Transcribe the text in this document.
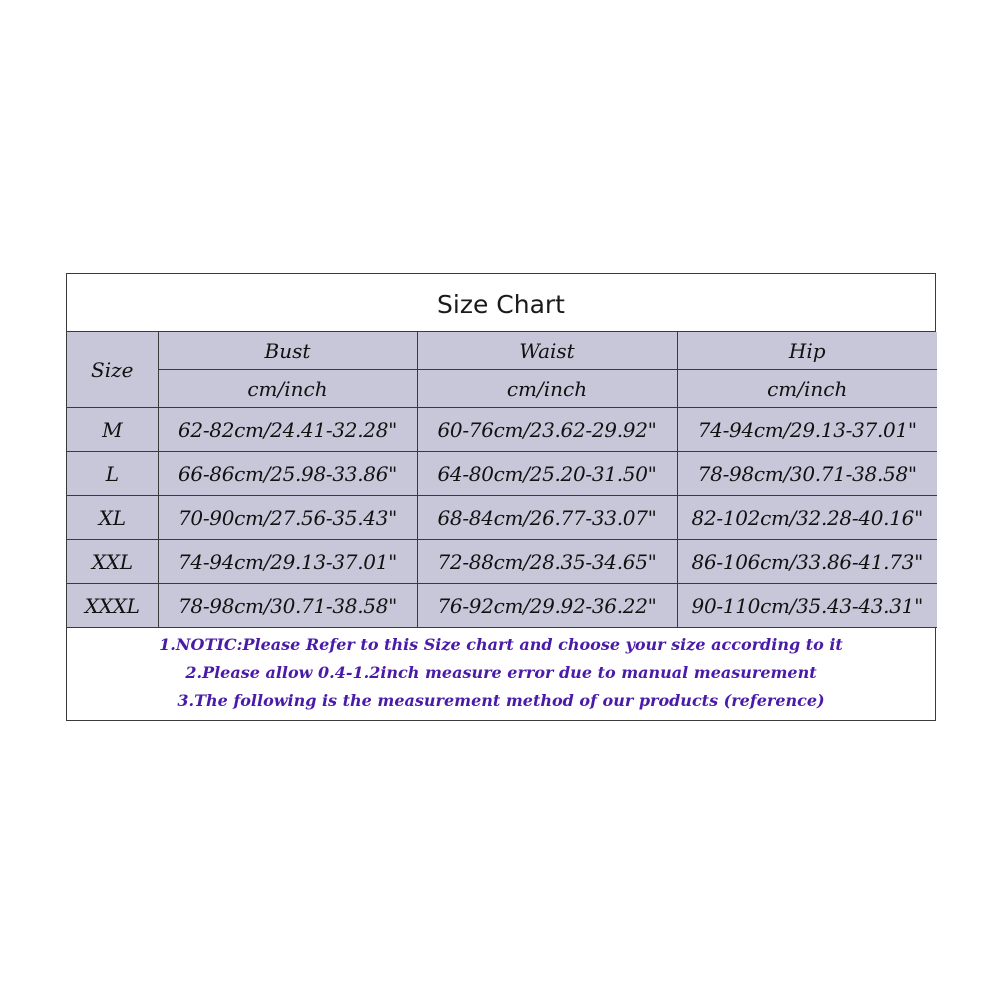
Size Chart
Size	Bust	Waist	Hip
	cm/inch	cm/inch	cm/inch
M	62-82cm/24.41-32.28"	60-76cm/23.62-29.92"	74-94cm/29.13-37.01"
L	66-86cm/25.98-33.86"	64-80cm/25.20-31.50"	78-98cm/30.71-38.58"
XL	70-90cm/27.56-35.43"	68-84cm/26.77-33.07"	82-102cm/32.28-40.16"
XXL	74-94cm/29.13-37.01"	72-88cm/28.35-34.65"	86-106cm/33.86-41.73"
XXXL	78-98cm/30.71-38.58"	76-92cm/29.92-36.22"	90-110cm/35.43-43.31"
1.NOTIC:Please Refer to this Size chart and choose your size according to it
2.Please allow 0.4-1.2inch measure error due to manual measurement
3.The following is the measurement method of our products (reference)
